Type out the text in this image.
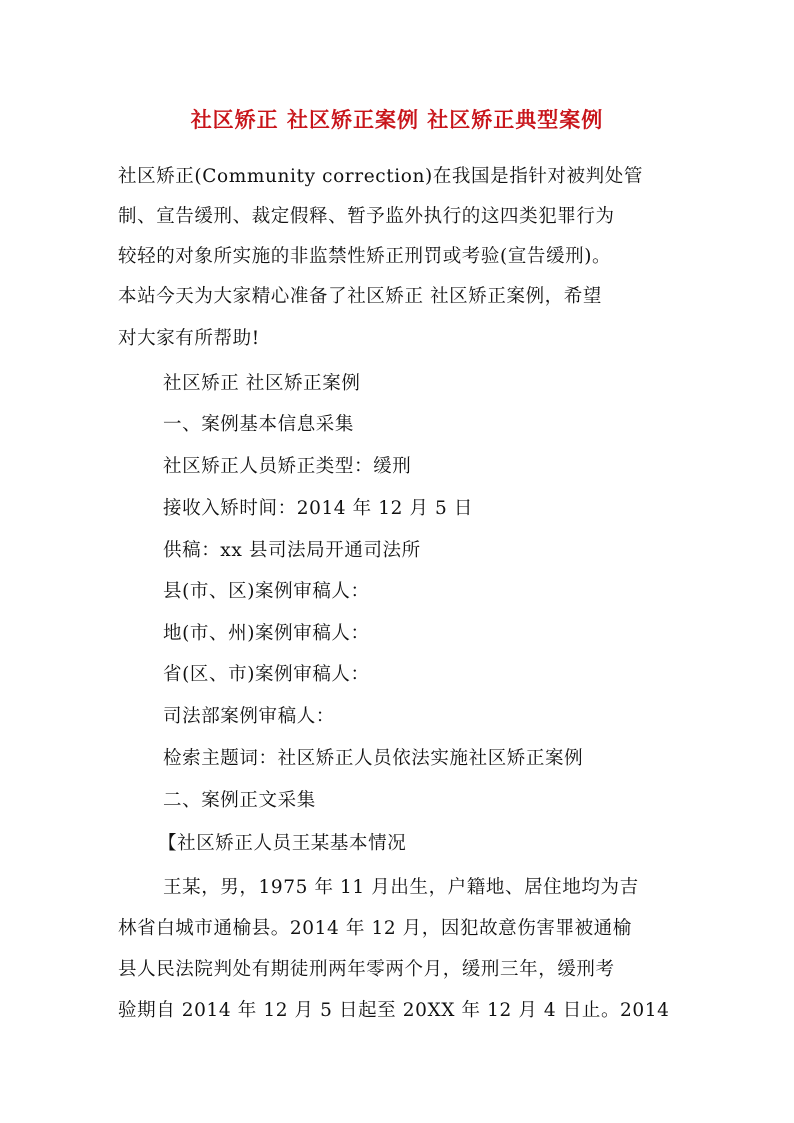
社区矫正 社区矫正案例 社区矫正典型案例
社区矫正(Community correction)在我国是指针对被判处管
制、宣告缓刑、裁定假释、暂予监外执行的这四类犯罪行为
较轻的对象所实施的非监禁性矫正刑罚或考验(宣告缓刑)。
本站今天为大家精心准备了社区矫正 社区矫正案例，希望
对大家有所帮助!
社区矫正 社区矫正案例
一、案例基本信息采集
社区矫正人员矫正类型：缓刑
接收入矫时间：2014 年 12 月 5 日
供稿：xx 县司法局开通司法所
县(市、区)案例审稿人：
地(市、州)案例审稿人：
省(区、市)案例审稿人：
司法部案例审稿人：
检索主题词：社区矫正人员依法实施社区矫正案例
二、案例正文采集
【社区矫正人员王某基本情况
王某，男，1975 年 11 月出生，户籍地、居住地均为吉
林省白城市通榆县。2014 年 12 月，因犯故意伤害罪被通榆
县人民法院判处有期徒刑两年零两个月，缓刑三年，缓刑考
验期自 2014 年 12 月 5 日起至 20XX 年 12 月 4 日止。2014
